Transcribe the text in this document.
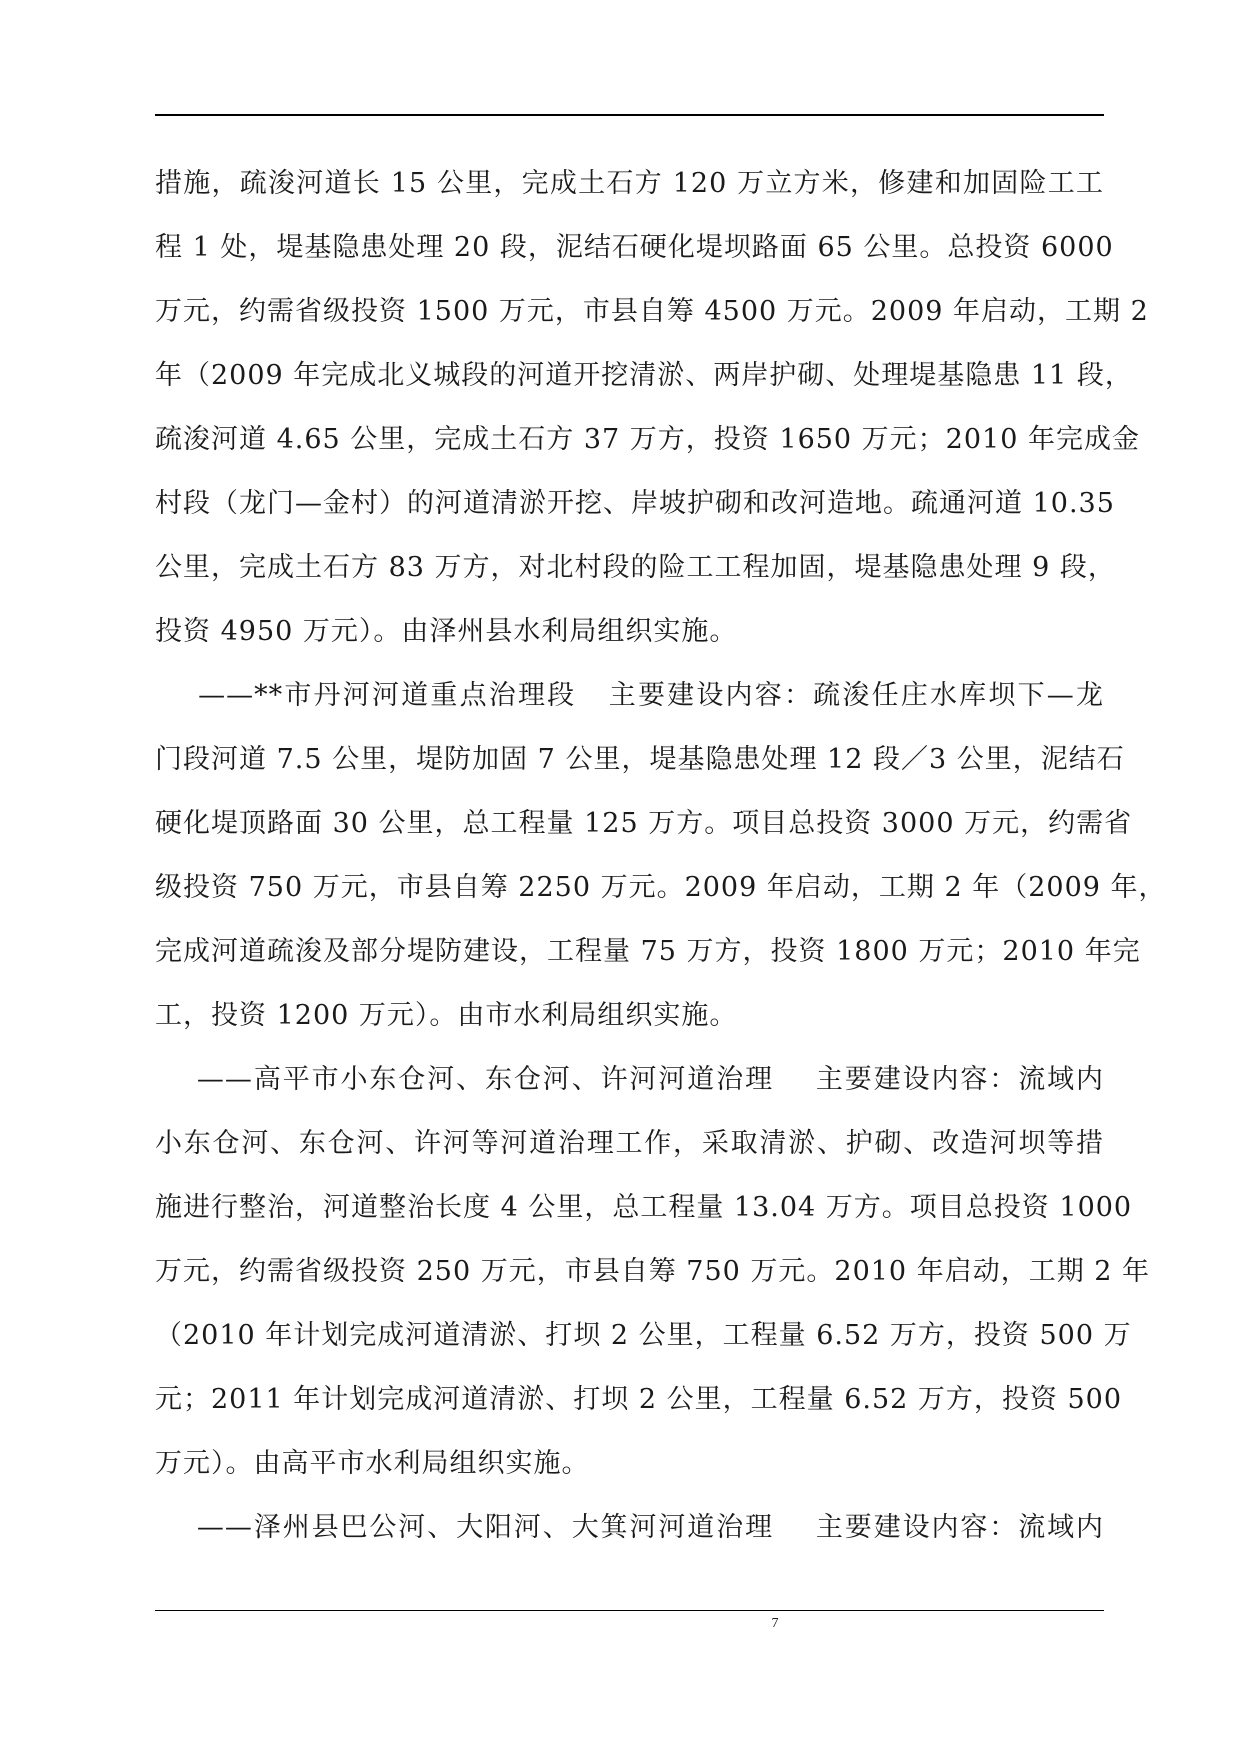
措施，疏浚河道长 15 公里，完成土石方 120 万立方米，修建和加固险工工
程 1 处，堤基隐患处理 20 段，泥结石硬化堤坝路面 65 公里。总投资 6000
万元，约需省级投资 1500 万元，市县自筹 4500 万元。2009 年启动，工期 2
年（2009 年完成北义城段的河道开挖清淤、两岸护砌、处理堤基隐患 11 段，
疏浚河道 4.65 公里，完成土石方 37 万方，投资 1650 万元；2010 年完成金
村段（龙门—金村）的河道清淤开挖、岸坡护砌和改河造地。疏通河道 10.35
公里，完成土石方 83 万方，对北村段的险工工程加固，堤基隐患处理 9 段，
投资 4950 万元）。由泽州县水利局组织实施。
——**市丹河河道重点治理段   主要建设内容：疏浚任庄水库坝下—龙
门段河道 7.5 公里，堤防加固 7 公里，堤基隐患处理 12 段／3 公里，泥结石
硬化堤顶路面 30 公里，总工程量 125 万方。项目总投资 3000 万元，约需省
级投资 750 万元，市县自筹 2250 万元。2009 年启动，工期 2 年（2009 年，
完成河道疏浚及部分堤防建设，工程量 75 万方，投资 1800 万元；2010 年完
工，投资 1200 万元）。由市水利局组织实施。
——高平市小东仓河、东仓河、许河河道治理    主要建设内容：流域内
小东仓河、东仓河、许河等河道治理工作，采取清淤、护砌、改造河坝等措
施进行整治，河道整治长度 4 公里，总工程量 13.04 万方。项目总投资 1000
万元，约需省级投资 250 万元，市县自筹 750 万元。2010 年启动，工期 2 年
（2010 年计划完成河道清淤、打坝 2 公里，工程量 6.52 万方，投资 500 万
元；2011 年计划完成河道清淤、打坝 2 公里，工程量 6.52 万方，投资 500
万元）。由高平市水利局组织实施。
——泽州县巴公河、大阳河、大箕河河道治理    主要建设内容：流域内
7
